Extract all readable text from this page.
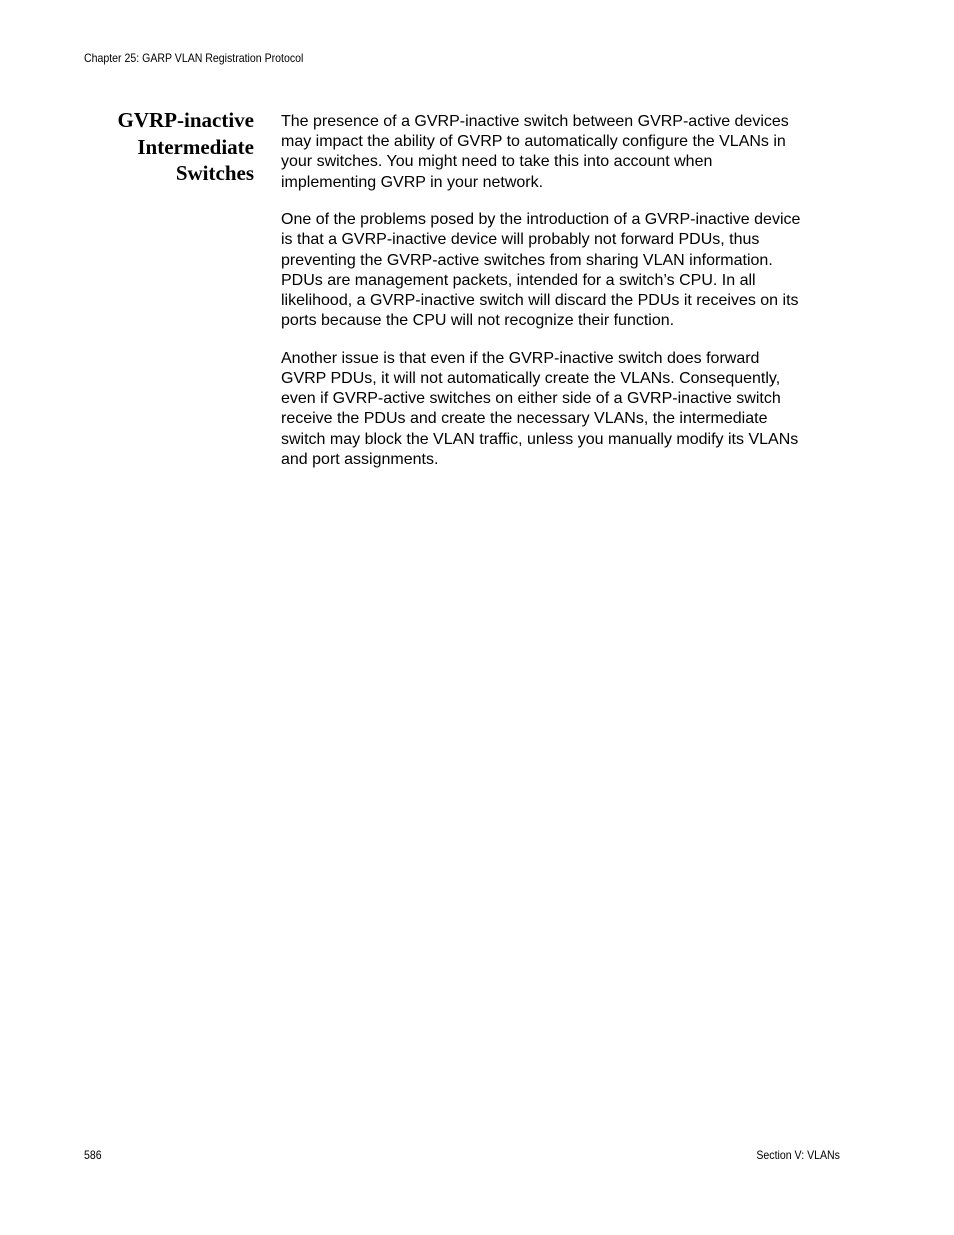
Chapter 25: GARP VLAN Registration Protocol
GVRP-inactive
Intermediate
Switches

The presence of a GVRP-inactive switch between GVRP-active devices
may impact the ability of GVRP to automatically configure the VLANs in
your switches. You might need to take this into account when
implementing GVRP in your network.

One of the problems posed by the introduction of a GVRP-inactive device
is that a GVRP-inactive device will probably not forward PDUs, thus
preventing the GVRP-active switches from sharing VLAN information.
PDUs are management packets, intended for a switch’s CPU. In all
likelihood, a GVRP-inactive switch will discard the PDUs it receives on its
ports because the CPU will not recognize their function.

Another issue is that even if the GVRP-inactive switch does forward
GVRP PDUs, it will not automatically create the VLANs. Consequently,
even if GVRP-active switches on either side of a GVRP-inactive switch
receive the PDUs and create the necessary VLANs, the intermediate
switch may block the VLAN traffic, unless you manually modify its VLANs
and port assignments.

586	Section V: VLANs
